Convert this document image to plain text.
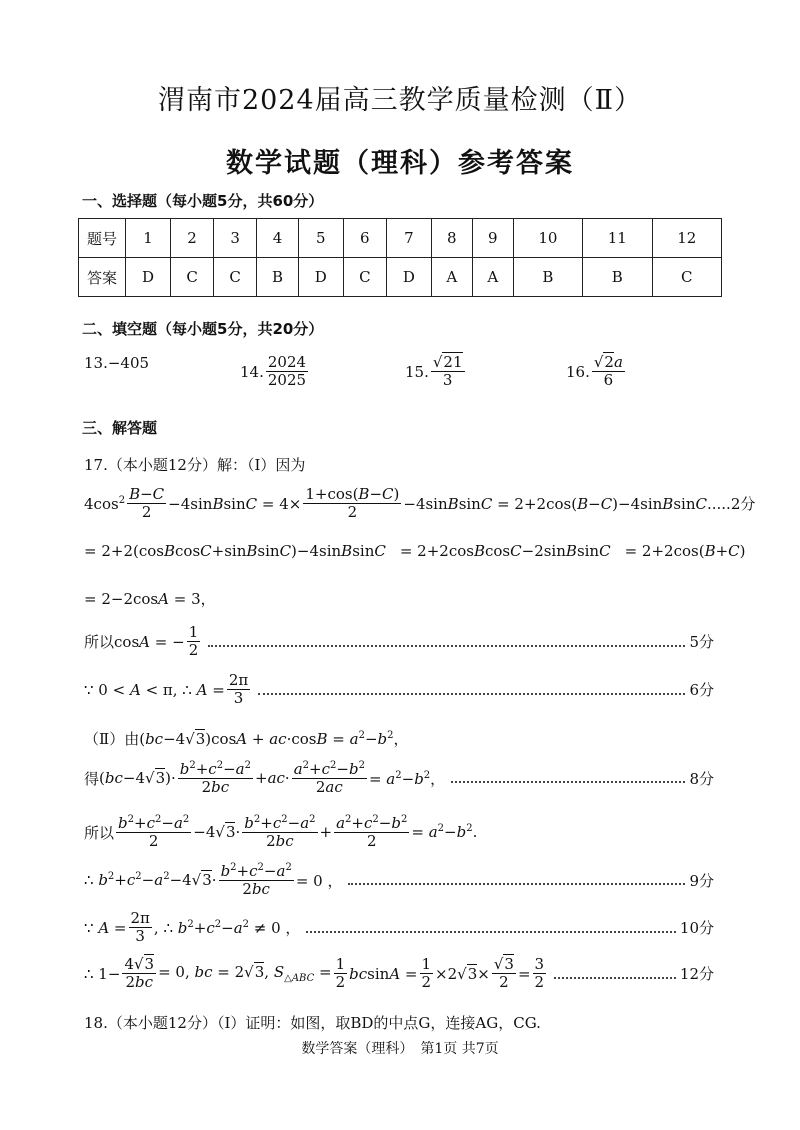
渭南市2024届高三教学质量检测（Ⅱ）
数学试题（理科）参考答案
一、选择题（每小题5分，共60分）
题号	1	2	3	4	5	6	7	8	9	10	11	12
答案	D	C	C	B	D	C	D	A	A	B	B	C
二、填空题（每小题5分，共20分）
13. −405	14. $\frac{2024}{2025}$	15. $\frac{√21}{3}$	16. $\frac{√2a}{6}$
三、解答题
17.（本小题12分）解：（Ⅰ）因为
$4\cos^2 \frac{B-C}{2}$ −4sinBsinC = $4\times \frac{1+\cos(B-C)}{2}$ −4sinBsinC = 2+2cos(B−C)−4sinBsinC .....2分
= 2+2(cosBcosC+sinBsinC)−4sinBsinC = 2+2cosBcosC−2sinBsinC = 2+2cos(B+C)
= 2−2cosA = 3，
所以 cosA = − $\frac{1}{2}$	5分
∵ 0 < A < π, ∴ $A = \frac{2\pi}{3}$	6分
（Ⅱ）由 $(bc-4√3)\cos A + ac\cdot\cos B = a^2-b^2$，
得 $(bc-4√3)\cdot \frac{b^2+c^2-a^2}{2bc} +ac\cdot \frac{a^2+c^2-b^2}{2ac} = a^2-b^2$，	8分
所以 $\frac{b^2+c^2-a^2}{2} -4√3\cdot \frac{b^2+c^2-a^2}{2bc} + \frac{a^2+c^2-b^2}{2} = a^2-b^2$.
∴ $b^2+c^2-a^2-4√3\cdot \frac{b^2+c^2-a^2}{2bc} = 0$ ，	9分
∵ $A = \frac{2\pi}{3}$ , ∴ $b^2+c^2-a^2 \ne 0$ ，	10分
∴ $1- \frac{4√3}{2bc} = 0$, bc = 2√3, $S_{\triangle ABC} = \frac{1}{2}$ $bcsinA = \frac{1}{2} \times 2√3\times \frac{√3}{2} = \frac{3}{2}$	12分
18.（本小题12分）（Ⅰ）证明：如图，取BD的中点G，连接AG，CG.
数学答案（理科）　第1页 共7页
